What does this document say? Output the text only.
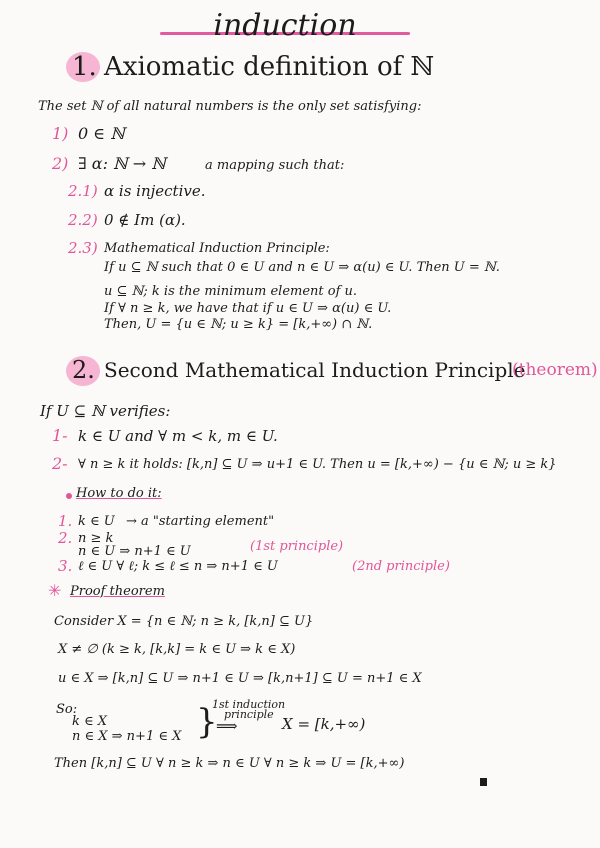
induction
1. Axiomatic definition of ℕ
The set ℕ of all natural numbers is the only set satisfying:
1) 0 ∈ ℕ
2) ∃ α: ℕ → ℕ	a mapping such that:
2.1) α is injective.
2.2) 0 ∉ Im (α).
2.3) Mathematical Induction Principle:
If u ⊆ ℕ such that 0 ∈ U and n ∈ U ⇒ α(u) ∈ U. Then U = ℕ.
u ⊆ ℕ; k is the minimum element of u.
If ∀ n ≥ k, we have that if u ∈ U ⇒ α(u) ∈ U.
Then, U = {u ∈ ℕ; u ≥ k} = [k,+∞) ∩ ℕ.
2. Second Mathematical Induction Principle
(theorem)
If U ⊆ ℕ verifies:
1- k ∈ U and ∀ m < k, m ∈ U.
2- ∀ n ≥ k it holds: [k,n] ⊆ U ⇒ u+1 ∈ U. Then u = [k,+∞) − {u ∈ ℕ; u ≥ k}
How to do it:
1. k ∈ U → a "starting element"
2. n ≥ k
n ∈ U ⇒ n+1 ∈ U	(1st principle)
3. ℓ ∈ U ∀ ℓ; k ≤ ℓ ≤ n ⇒ n+1 ∈ U	(2nd principle)
✳ Proof theorem
Consider X = {n ∈ ℕ; n ≥ k, [k,n] ⊆ U}
X ≠ ∅ (k ≥ k, [k,k] = k ∈ U ⇒ k ∈ X)
u ∈ X ⇒ [k,n] ⊆ U ⇒ n+1 ∈ U ⇒ [k,n+1] ⊆ U = n+1 ∈ X
So:
k ∈ X
n ∈ X ⇒ n+1 ∈ X }
1st induction
principle
⟹	X = [k,+∞)
Then [k,n] ⊆ U ∀ n ≥ k ⇒ n ∈ U ∀ n ≥ k ⇒ U = [k,+∞)
